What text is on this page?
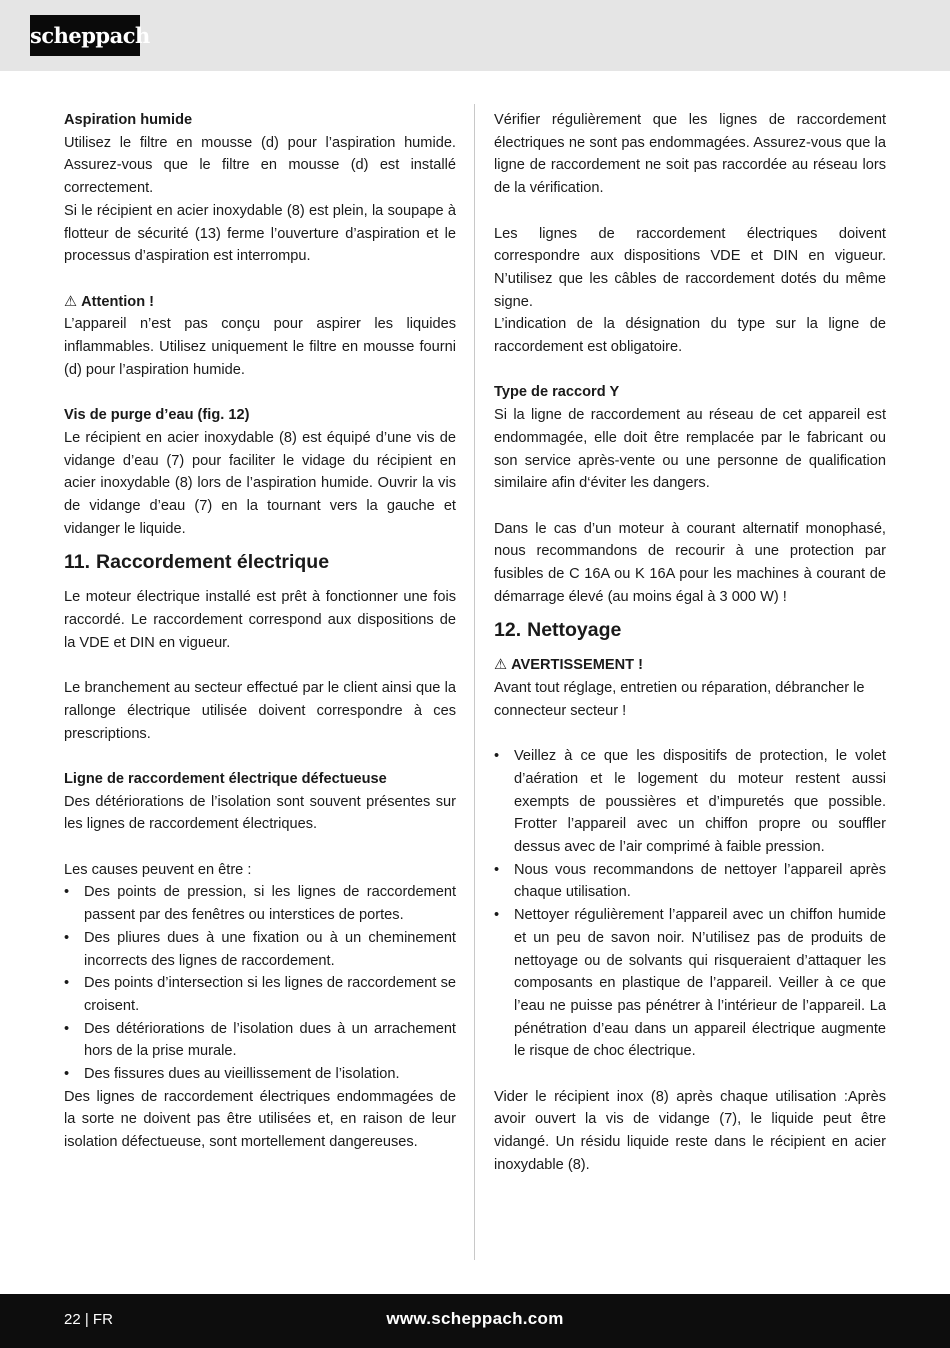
scheppach

Aspiration humide

Utilisez le filtre en mousse (d) pour l’aspiration humide. Assurez-vous que le filtre en mousse (d) est installé correctement.

Si le récipient en acier inoxydable (8) est plein, la soupape à flotteur de sécurité (13) ferme l’ouverture d’aspiration et le processus d’aspiration est interrompu.

⚠ Attention !

L’appareil n’est pas conçu pour aspirer les liquides inflammables. Utilisez uniquement le filtre en mousse fourni (d) pour l’aspiration humide.

Vis de purge d’eau (fig. 12)

Le récipient en acier inoxydable (8) est équipé d’une vis de vidange d’eau (7) pour faciliter le vidage du récipient en acier inoxydable (8) lors de l’aspiration humide. Ouvrir la vis de vidange d’eau (7) en la tournant vers la gauche et vidanger le liquide.

11. Raccordement électrique

Le moteur électrique installé est prêt à fonctionner une fois raccordé. Le raccordement correspond aux dispositions de la VDE et DIN en vigueur.

Le branchement au secteur effectué par le client ainsi que la rallonge électrique utilisée doivent correspondre à ces prescriptions.

Ligne de raccordement électrique défectueuse

Des détériorations de l’isolation sont souvent présentes sur les lignes de raccordement électriques.

Les causes peuvent en être :

•	Des points de pression, si les lignes de raccordement passent par des fenêtres ou interstices de portes.
•	Des pliures dues à une fixation ou à un cheminement incorrects des lignes de raccordement.
•	Des points d’intersection si les lignes de raccordement se croisent.
•	Des détériorations de l’isolation dues à un arrachement hors de la prise murale.
•	Des fissures dues au vieillissement de l’isolation.

Des lignes de raccordement électriques endommagées de la sorte ne doivent pas être utilisées et, en raison de leur isolation défectueuse, sont mortellement dangereuses.

Vérifier régulièrement que les lignes de raccordement électriques ne sont pas endommagées. Assurez-vous que la ligne de raccordement ne soit pas raccordée au réseau lors de la vérification.

Les lignes de raccordement électriques doivent correspondre aux dispositions VDE et DIN en vigueur. N’utilisez que les câbles de raccordement dotés du même signe.

L’indication de la désignation du type sur la ligne de raccordement est obligatoire.

Type de raccord Y

Si la ligne de raccordement au réseau de cet appareil est endommagée, elle doit être remplacée par le fabricant ou son service après-vente ou une personne de qualification similaire afin d‘éviter les dangers.

Dans le cas d’un moteur à courant alternatif monophasé, nous recommandons de recourir à une protection par fusibles de C 16A ou K 16A pour les machines à courant de démarrage élevé (au moins égal à 3 000 W) !

12. Nettoyage

⚠ AVERTISSEMENT !

Avant tout réglage, entretien ou réparation, débrancher le connecteur secteur !

•	Veillez à ce que les dispositifs de protection, le volet d’aération et le logement du moteur restent aussi exempts de poussières et d’impuretés que possible. Frotter l’appareil avec un chiffon propre ou souffler dessus avec de l’air comprimé à faible pression.
•	Nous vous recommandons de nettoyer l’appareil après chaque utilisation.
•	Nettoyer régulièrement l’appareil avec un chiffon humide et un peu de savon noir. N’utilisez pas de produits de nettoyage ou de solvants qui risqueraient d’attaquer les composants en plastique de l’appareil. Veiller à ce que l’eau ne puisse pas pénétrer à l’intérieur de l’appareil. La pénétration d’eau dans un appareil électrique augmente le risque de choc électrique.

Vider le récipient inox (8) après chaque utilisation :Après avoir ouvert la vis de vidange (7), le liquide peut être vidangé. Un résidu liquide reste dans le récipient en acier inoxydable (8).

22 | FR	www.scheppach.com
